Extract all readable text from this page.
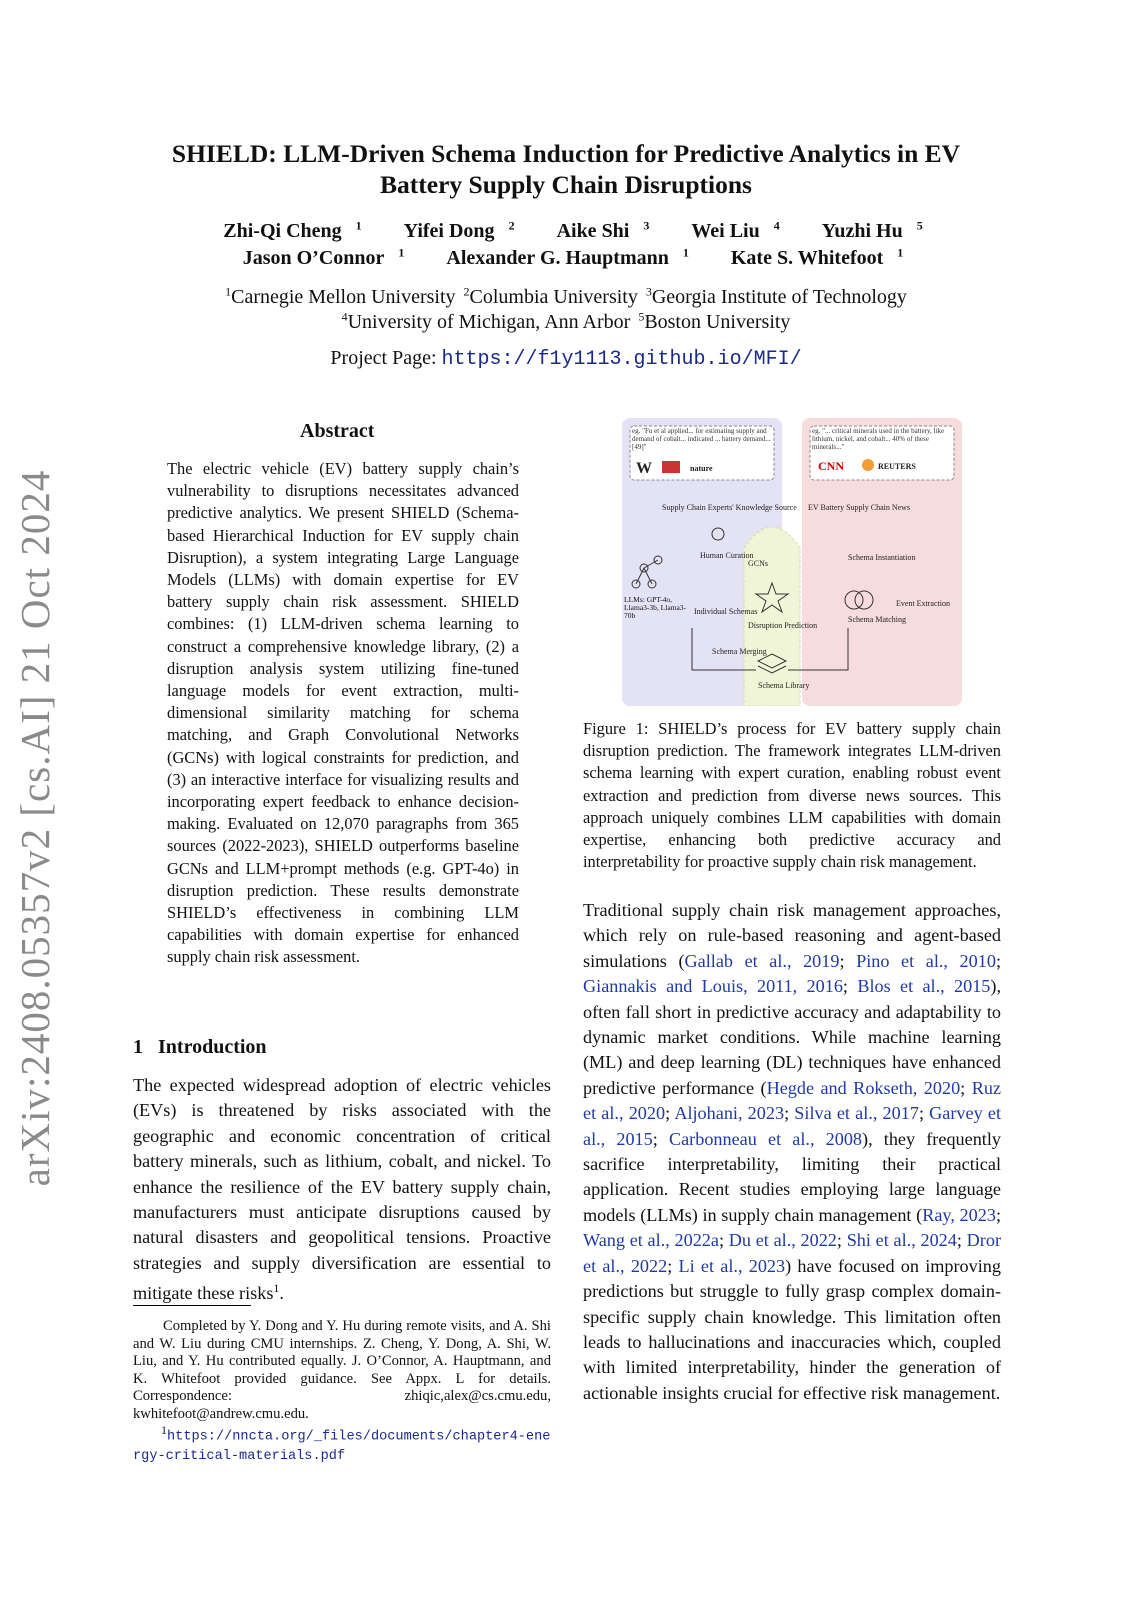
arXiv:2408.05357v2 [cs.AI] 21 Oct 2024
SHIELD: LLM-Driven Schema Induction for Predictive Analytics in EV Battery Supply Chain Disruptions
Zhi-Qi Cheng $^1$ Yifei Dong $^2$ Aike Shi $^3$ Wei Liu $^4$ Yuzhi Hu $^5$
Jason O’Connor $^1$ Alexander G. Hauptmann $^1$ Kate S. Whitefoot $^1$
$^1$Carnegie Mellon University $^2$Columbia University $^3$Georgia Institute of Technology
$^4$University of Michigan, Ann Arbor $^5$Boston University
Project Page: https://f1y1113.github.io/MFI/
Abstract
The electric vehicle (EV) battery supply chain’s vulnerability to disruptions necessitates advanced predictive analytics. We present SHIELD (Schema-based Hierarchical Induction for EV supply chain Disruption), a system integrating Large Language Models (LLMs) with domain expertise for EV battery supply chain risk assessment. SHIELD combines: (1) LLM-driven schema learning to construct a comprehensive knowledge library, (2) a disruption analysis system utilizing fine-tuned language models for event extraction, multi-dimensional similarity matching for schema matching, and Graph Convolutional Networks (GCNs) with logical constraints for prediction, and (3) an interactive interface for visualizing results and incorporating expert feedback to enhance decision-making. Evaluated on 12,070 paragraphs from 365 sources (2022-2023), SHIELD outperforms baseline GCNs and LLM+prompt methods (e.g. GPT-4o) in disruption prediction. These results demonstrate SHIELD’s effectiveness in combining LLM capabilities with domain expertise for enhanced supply chain risk assessment.
1 Introduction
The expected widespread adoption of electric vehicles (EVs) is threatened by risks associated with the geographic and economic concentration of critical battery minerals, such as lithium, cobalt, and nickel. To enhance the resilience of the EV battery supply chain, manufacturers must anticipate disruptions caused by natural disasters and geopolitical tensions. Proactive strategies and supply diversification are essential to mitigate these risks$^1$.
Completed by Y. Dong and Y. Hu during remote visits, and A. Shi and W. Liu during CMU internships. Z. Cheng, Y. Dong, A. Shi, W. Liu, and Y. Hu contributed equally. J. O’Connor, A. Hauptmann, and K. Whitefoot provided guidance. See Appx. L for details. Correspondence: zhiqic,alex@cs.cmu.edu, kwhitefoot@andrew.cmu.edu.
$^1$https://nncta.org/_files/documents/chapter4-energy-critical-materials.pdf
eg. "Fu et al applied... for estimating supply and demand of cobalt... indicated ... battery demand...[49]"
W	nature
eg. "... critical minerals used in the battery, like lithium, nickel, and cobalt... 40% of these minerals..."
CNN	REUTERS
Supply Chain Experts' Knowledge Source EV Battery Supply Chain News
Human Curation
LLMs: GPT-4o, Llama3-3b, Llama3-70b	Individual Schemas
GCNs
Disruption Prediction
Schema Instantiation
Schema Matching
Event Extraction
Schema Merging
Schema Library
Figure 1: SHIELD’s process for EV battery supply chain disruption prediction. The framework integrates LLM-driven schema learning with expert curation, enabling robust event extraction and prediction from diverse news sources. This approach uniquely combines LLM capabilities with domain expertise, enhancing both predictive accuracy and interpretability for proactive supply chain risk management.
Traditional supply chain risk management approaches, which rely on rule-based reasoning and agent-based simulations (Gallab et al., 2019; Pino et al., 2010; Giannakis and Louis, 2011, 2016; Blos et al., 2015), often fall short in predictive accuracy and adaptability to dynamic market conditions. While machine learning (ML) and deep learning (DL) techniques have enhanced predictive performance (Hegde and Rokseth, 2020; Ruz et al., 2020; Aljohani, 2023; Silva et al., 2017; Garvey et al., 2015; Carbonneau et al., 2008), they frequently sacrifice interpretability, limiting their practical application. Recent studies employing large language models (LLMs) in supply chain management (Ray, 2023; Wang et al., 2022a; Du et al., 2022; Shi et al., 2024; Dror et al., 2022; Li et al., 2023) have focused on improving predictions but struggle to fully grasp complex domain-specific supply chain knowledge. This limitation often leads to hallucinations and inaccuracies which, coupled with limited interpretability, hinder the generation of actionable insights crucial for effective risk management.
